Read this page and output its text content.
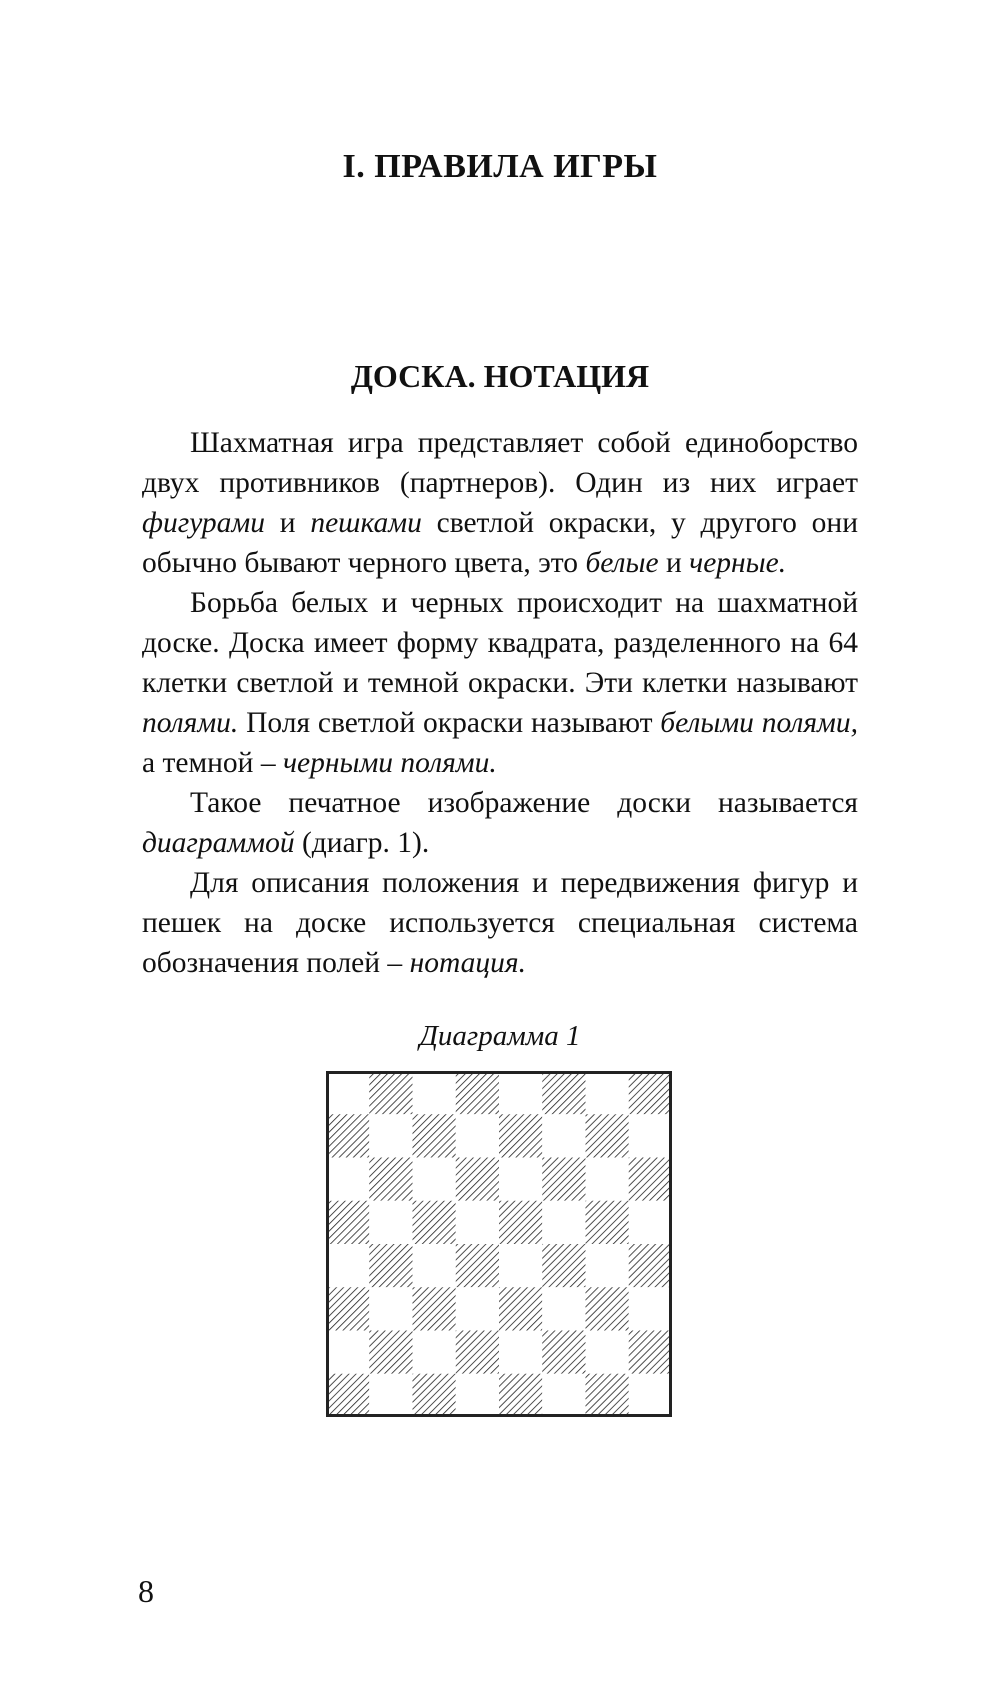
I. ПРАВИЛА ИГРЫ
ДОСКА. НОТАЦИЯ

Шахматная игра представляет собой единоборство двух противников (партнеров). Один из них играет фигурами и пешками светлой окраски, у другого они обычно бывают черного цвета, это белые и черные.

Борьба белых и черных происходит на шахматной доске. Доска имеет форму квадрата, разделенного на 64 клетки светлой и темной окраски. Эти клетки называют полями. Поля светлой окраски называют белыми полями, а темной – черными полями.

Такое печатное изображение доски называется диаграммой (диагр. 1).

Для описания положения и передвижения фигур и пешек на доске используется специальная система обозначения полей – нотация.

Диаграмма 1
8
